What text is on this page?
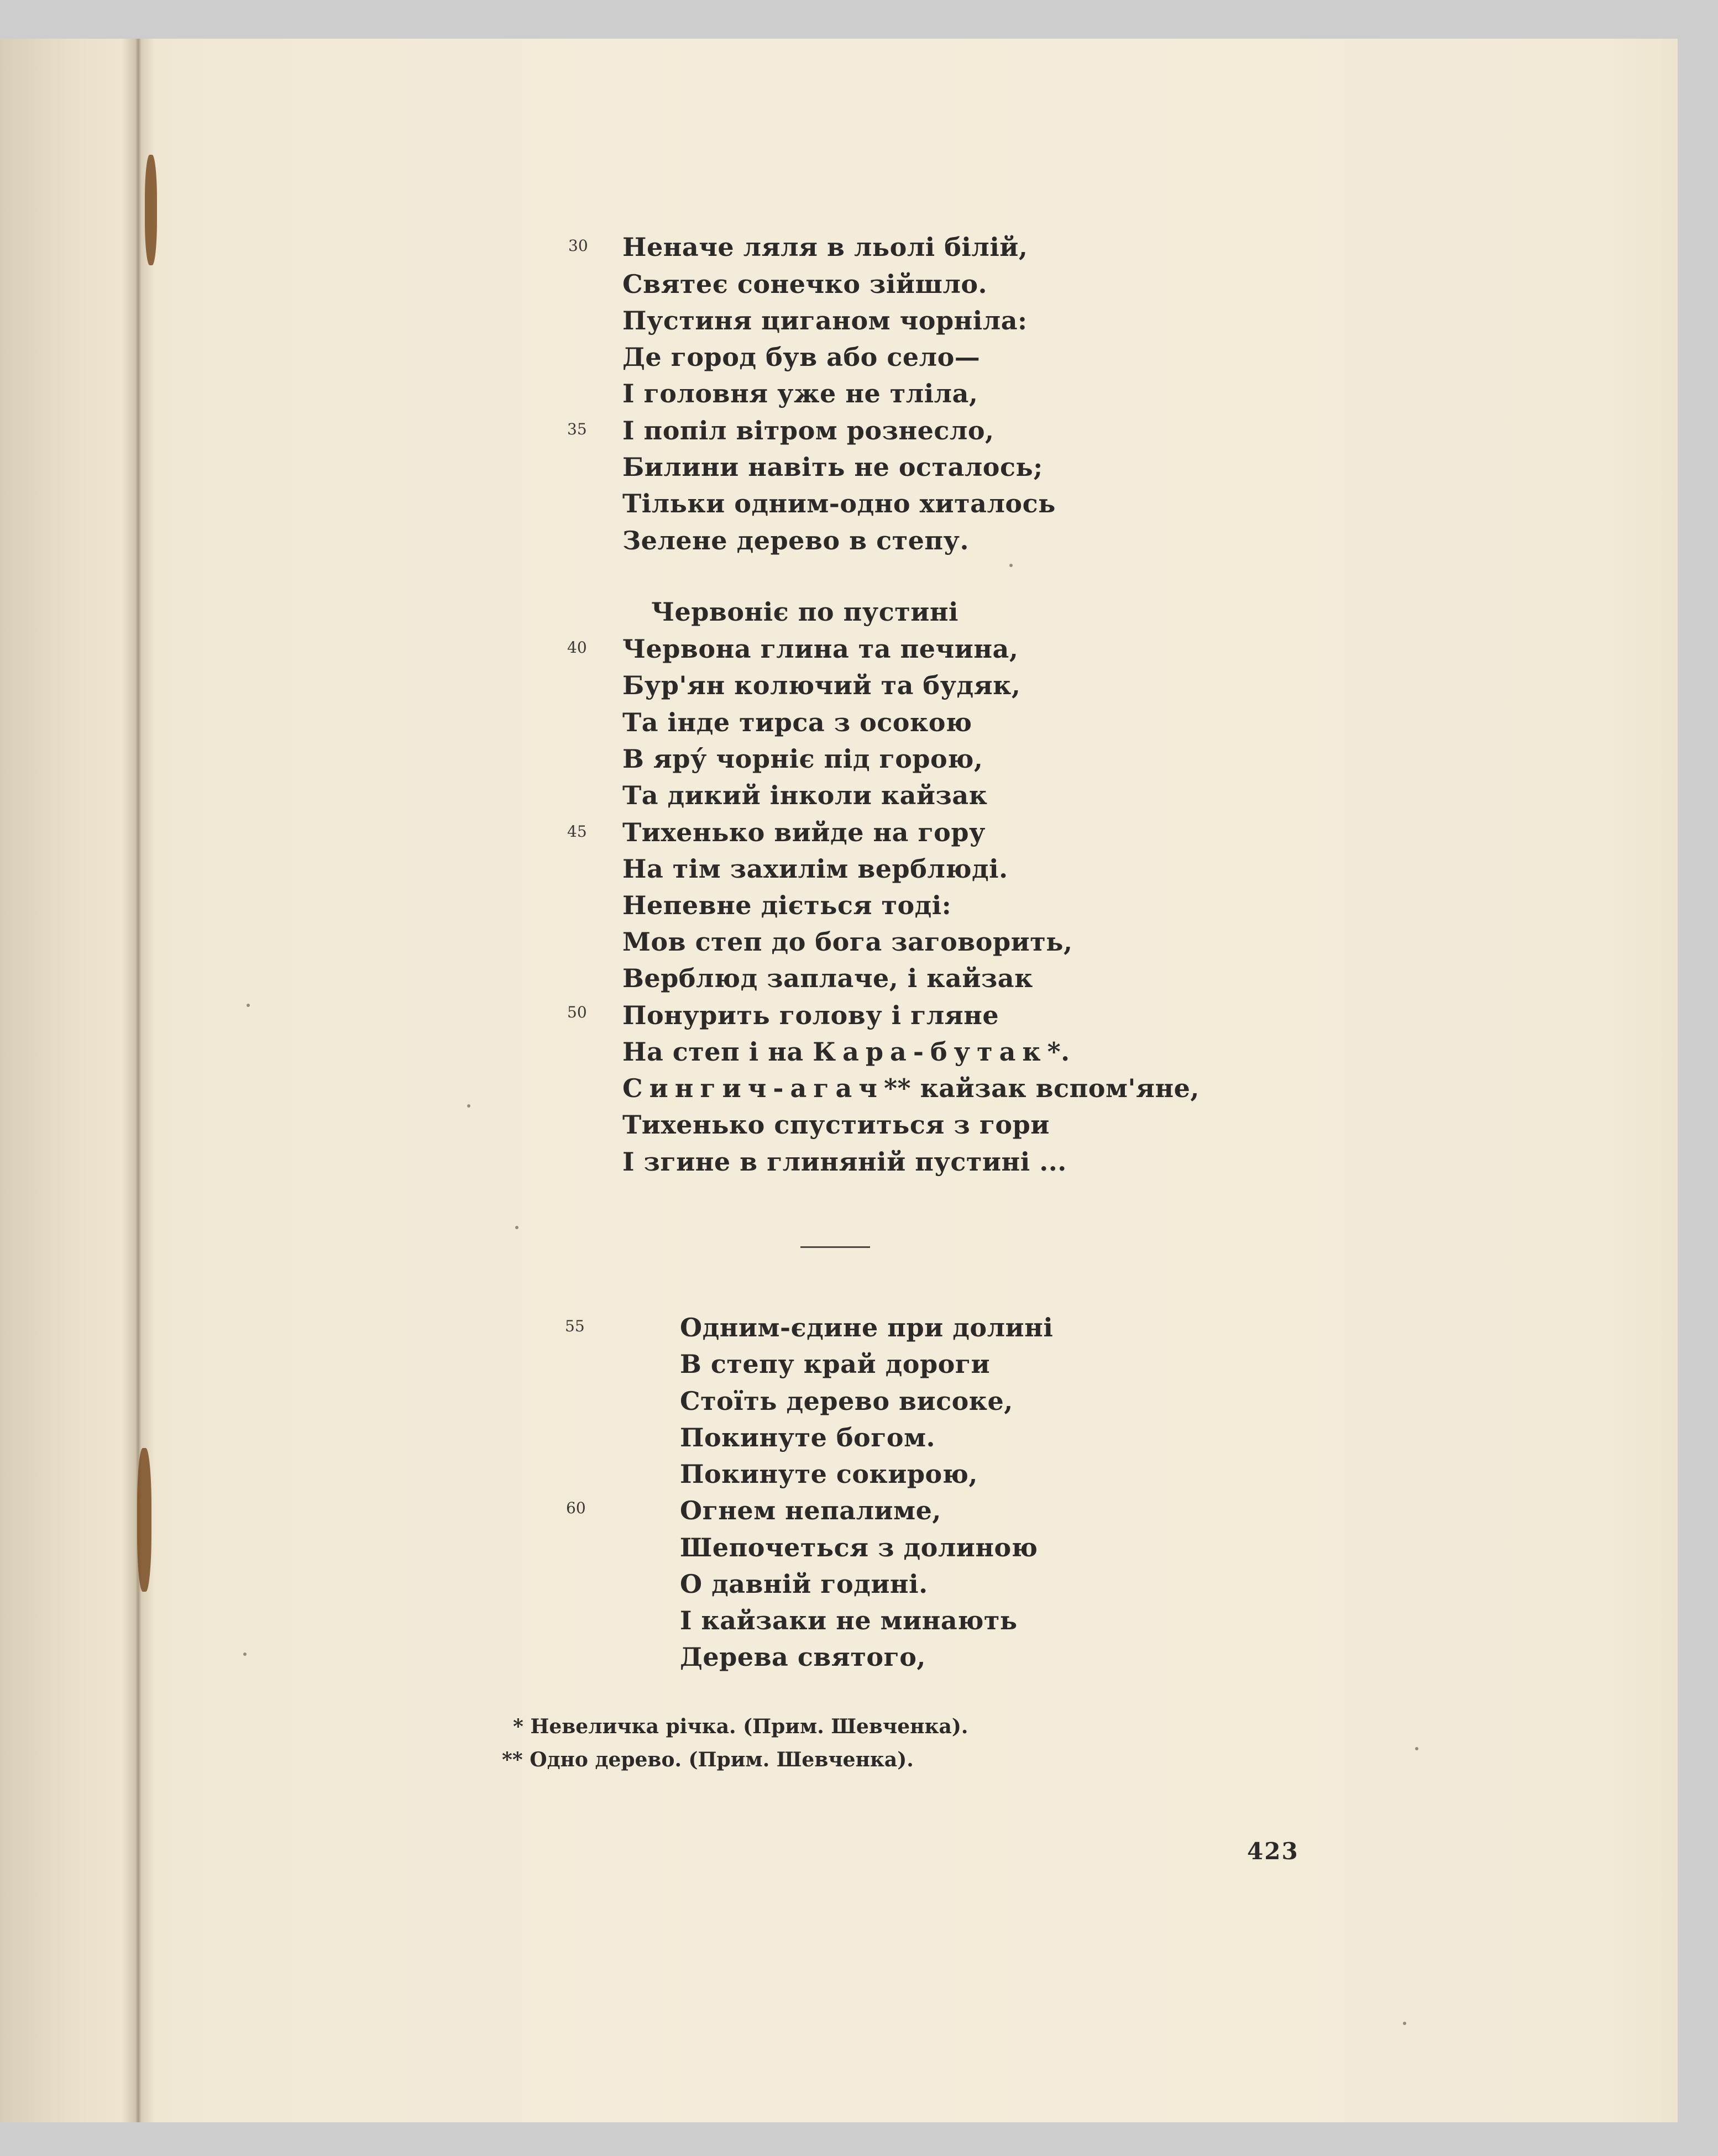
30
35
40
45
50
55
60
Неначе ляля в льолі білій,
Святеє сонечко зійшло.
Пустиня циганом чорніла:
Де город був або село—
І головня уже не тліла,
І попіл вітром рознесло,
Билини навіть не осталось;
Тільки одним-одно хиталось
Зелене дерево в степу.
Червоніє по пустині
Червона глина та печина,
Бур'ян колючий та будяк,
Та інде тирса з осокою
В яру́ чорніє під горою,
Та дикий інколи кайзак
Тихенько вийде на гору
На тім захилім верблюді.
Непевне діється тоді:
Мов степ до бога заговорить,
Верблюд заплаче, і кайзак
Понурить голову і гляне
На степ і на Кара-бутак*.
Сингич-агач** кайзак вспом'яне,
Тихенько спуститься з гори
І згине в глиняній пустині ...
Одним-єдине при долині
В степу край дороги
Стоїть дерево високе,
Покинуте богом.
Покинуте сокирою,
Огнем непалиме,
Шепочеться з долиною
О давній годині.
І кайзаки не минають
Дерева святого,
* Невеличка річка. (Прим. Шевченка).
** Одно дерево. (Прим. Шевченка).
423
